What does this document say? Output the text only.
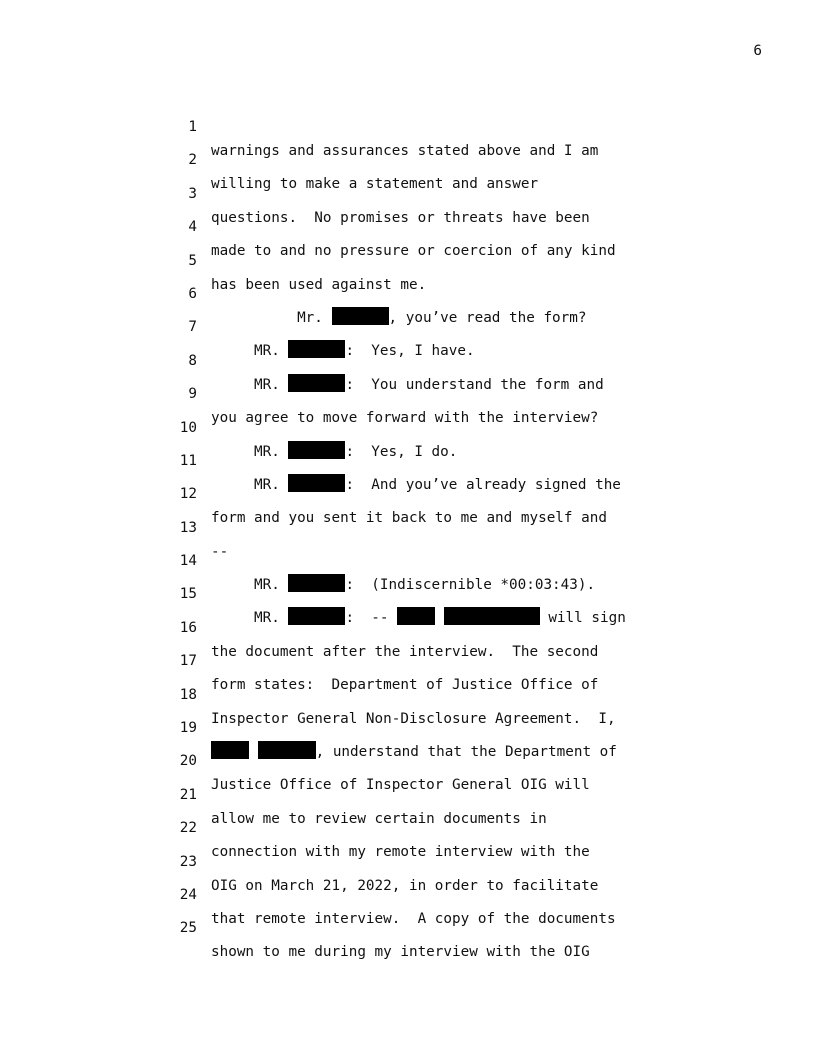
6

1

warnings and assurances stated above and I am

2

willing to make a statement and answer

3

questions.  No promises or threats have been

4

made to and no pressure or coercion of any kind

5

has been used against me.

6

Mr.	, you’ve read the form?

7

MR.	:  Yes, I have.

8

MR.	:  You understand the form and

9

you agree to move forward with the interview?

10

MR.	:  Yes, I do.

11

MR.	:  And you’ve already signed the

12

form and you sent it back to me and myself and

13

--

14

MR.	:  (Indiscernible *00:03:43).

15

MR.	:  --	will sign

16

the document after the interview.  The second

17

form states:  Department of Justice Office of

18

Inspector General Non-Disclosure Agreement.  I,

19

, understand that the Department of

20

Justice Office of Inspector General OIG will

21

allow me to review certain documents in

22

connection with my remote interview with the

23

OIG on March 21, 2022, in order to facilitate

24

that remote interview.  A copy of the documents

25

shown to me during my interview with the OIG
